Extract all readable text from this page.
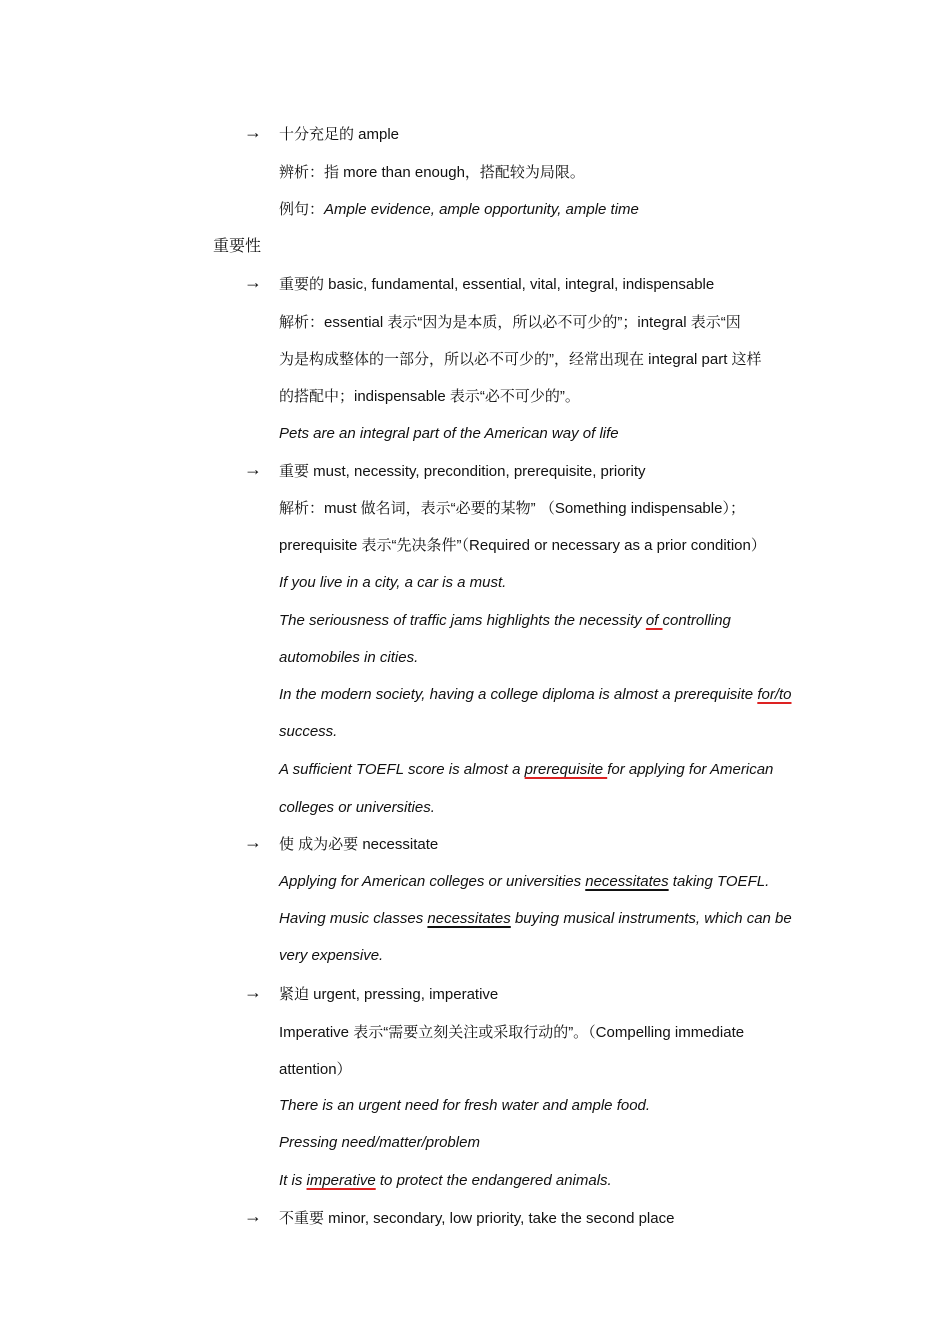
→ 十分充足的 ample
辨析：指 more than enough，搭配较为局限。
例句：Ample evidence, ample opportunity, ample time
重要性
→ 重要的 basic, fundamental, essential, vital, integral, indispensable
解析：essential 表示“因为是本质，所以必不可少的”；integral 表示“因
为是构成整体的一部分，所以必不可少的”，经常出现在 integral part 这样
的搭配中；indispensable 表示“必不可少的”。
Pets are an integral part of the American way of life
→ 重要 must, necessity, precondition, prerequisite, priority
解析：must 做名词，表示“必要的某物” （Something indispensable）；
prerequisite 表示“先决条件”（Required or necessary as a prior condition）
If you live in a city, a car is a must.
The seriousness of traffic jams highlights the necessity of controlling
automobiles in cities.
In the modern society, having a college diploma is almost a prerequisite for/to
success.
A sufficient TOEFL score is almost a prerequisite for applying for American
colleges or universities.
→ 使 成为必要 necessitate
Applying for American colleges or universities necessitates taking TOEFL.
Having music classes necessitates buying musical instruments, which can be
very expensive.
→ 紧迫 urgent, pressing, imperative
Imperative 表示“需要立刻关注或采取行动的”。（Compelling immediate
attention）
There is an urgent need for fresh water and ample food.
Pressing need/matter/problem
It is imperative to protect the endangered animals.
→ 不重要 minor, secondary, low priority, take the second place
